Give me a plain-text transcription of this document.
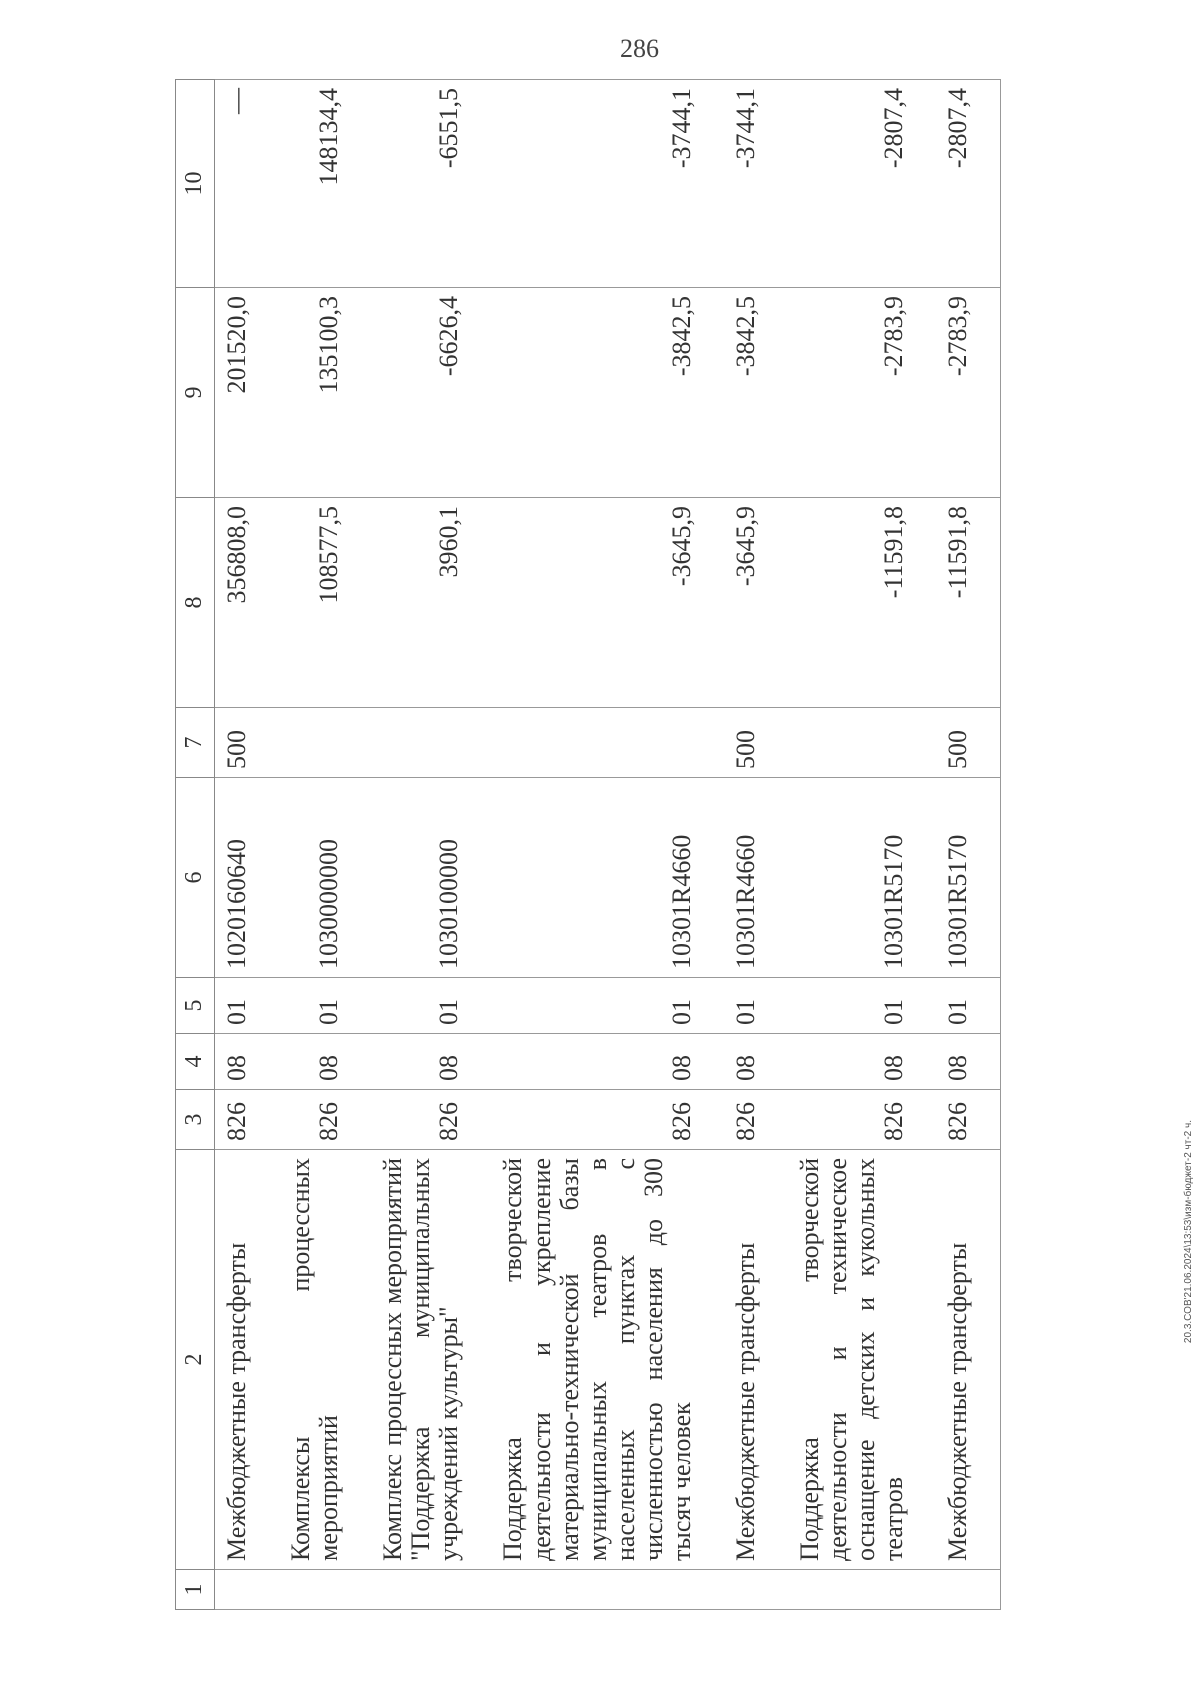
286
20.3.СОВ'21.06.2024\13:53\изм-бюджет-2 чт-2 ч.
1	2	3	4	5	6	7	8	9	10
	Межбюджетные трансферты	826	08	01	1020160640	500	356808,0	201520,0	—
	Комплексы процессных мероприятий	826	08	01	1030000000		108577,5	135100,3	148134,4
	Комплекс процессных мероприятий "Поддержка муниципальных учреждений культуры"	826	08	01	1030100000		3960,1	-6626,4	-6551,5
	Поддержка творческой деятельности и укрепление материально-технической базы муниципальных театров в населенных пунктах с численностью населения до 300 тысяч человек	826	08	01	10301R4660		-3645,9	-3842,5	-3744,1
	Межбюджетные трансферты	826	08	01	10301R4660	500	-3645,9	-3842,5	-3744,1
	Поддержка творческой деятельности и техническое оснащение детских и кукольных театров	826	08	01	10301R5170		-11591,8	-2783,9	-2807,4
	Межбюджетные трансферты	826	08	01	10301R5170	500	-11591,8	-2783,9	-2807,4
